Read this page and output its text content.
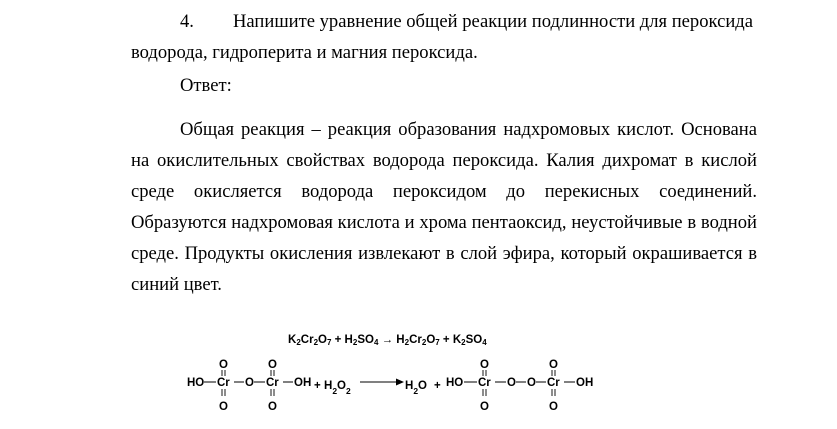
4. Напишите уравнение общей реакции подлинности для пероксида
водорода, гидроперита и магния пероксида.
Ответ:
Общая реакция – реакция образования надхромовых кислот. Основана
на окислительных свойствах водорода пероксида. Калия дихромат в кислой
среде окисляется водорода пероксидом до перекисных соединений.
Образуются надхромовая кислота и хрома пентаоксид, неустойчивые в водной
среде. Продукты окисления извлекают в слой эфира, который окрашивается в
синий цвет.
$K_2Cr_2O_7 + H_2SO_4 \to H_2Cr_2O_7 + K_2SO_4$
HO Cr
O
O
O Cr
O
O
OH + $H_2O_2$	$H_2O$ + HO Cr
O
O
O O Cr
O
O
OH
